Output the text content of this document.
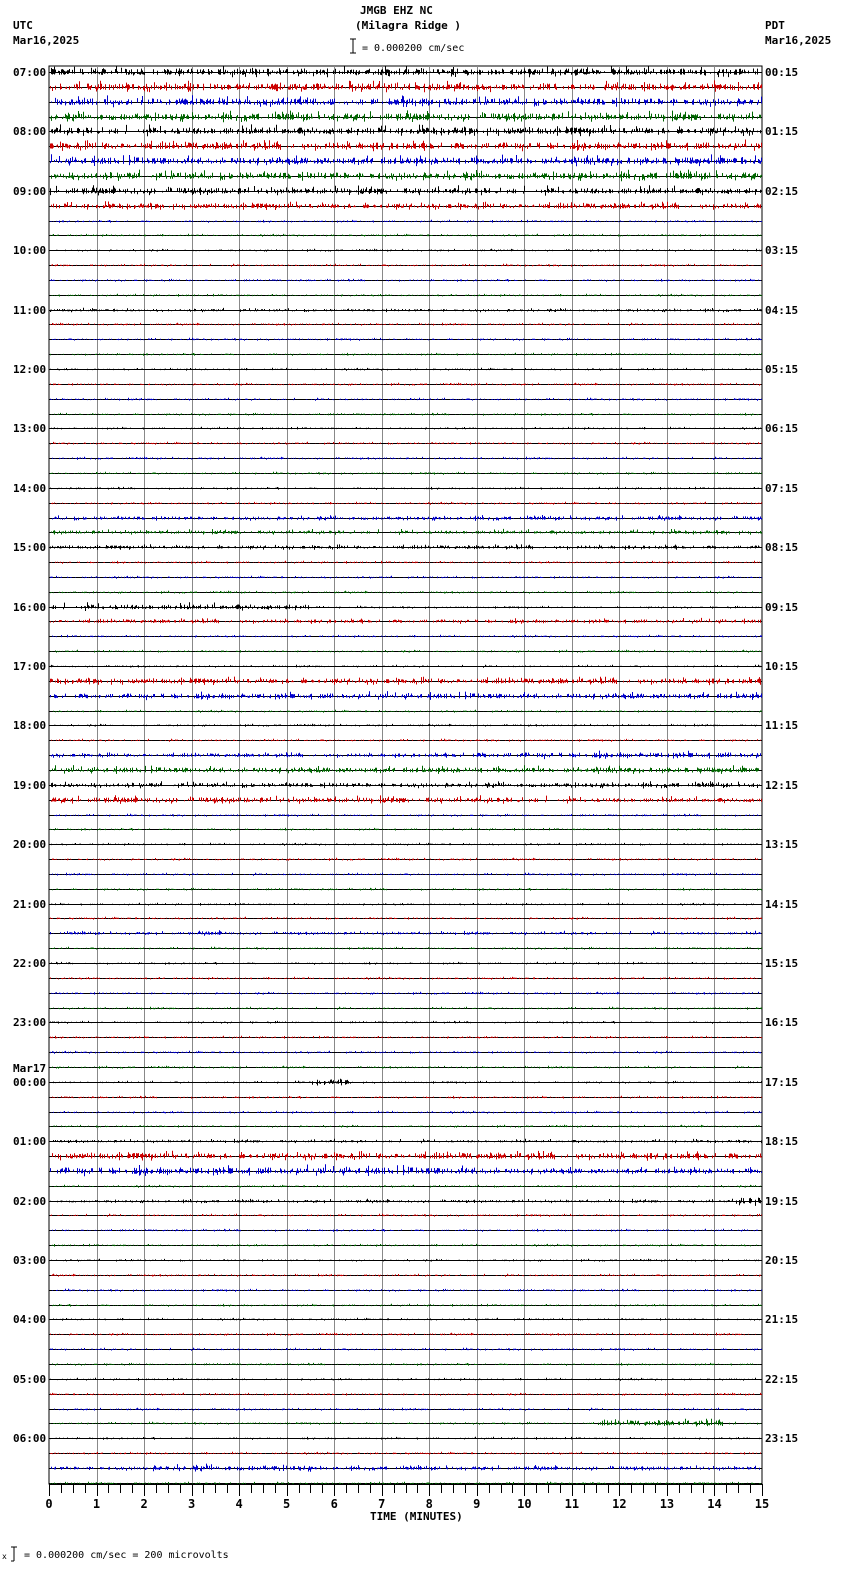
UTC
Mar16,2025
JMGB EHZ NC
(Milagra Ridge )
= 0.000200 cm/sec
PDT
Mar16,2025
07:00
08:00
09:00
10:00
11:00
12:00
13:00
14:00
15:00
16:00
17:00
18:00
19:00
20:00
21:00
22:00
23:00
00:00
Mar17
01:00
02:00
03:00
04:00
05:00
06:00
00:15
01:15
02:15
03:15
04:15
05:15
06:15
07:15
08:15
09:15
10:15
11:15
12:15
13:15
14:15
15:15
16:15
17:15
18:15
19:15
20:15
21:15
22:15
23:15
0	1	2	3	4	5	6	7	8	9	10	11	12	13	14	15
TIME (MINUTES)
x = 0.000200 cm/sec = 200 microvolts
